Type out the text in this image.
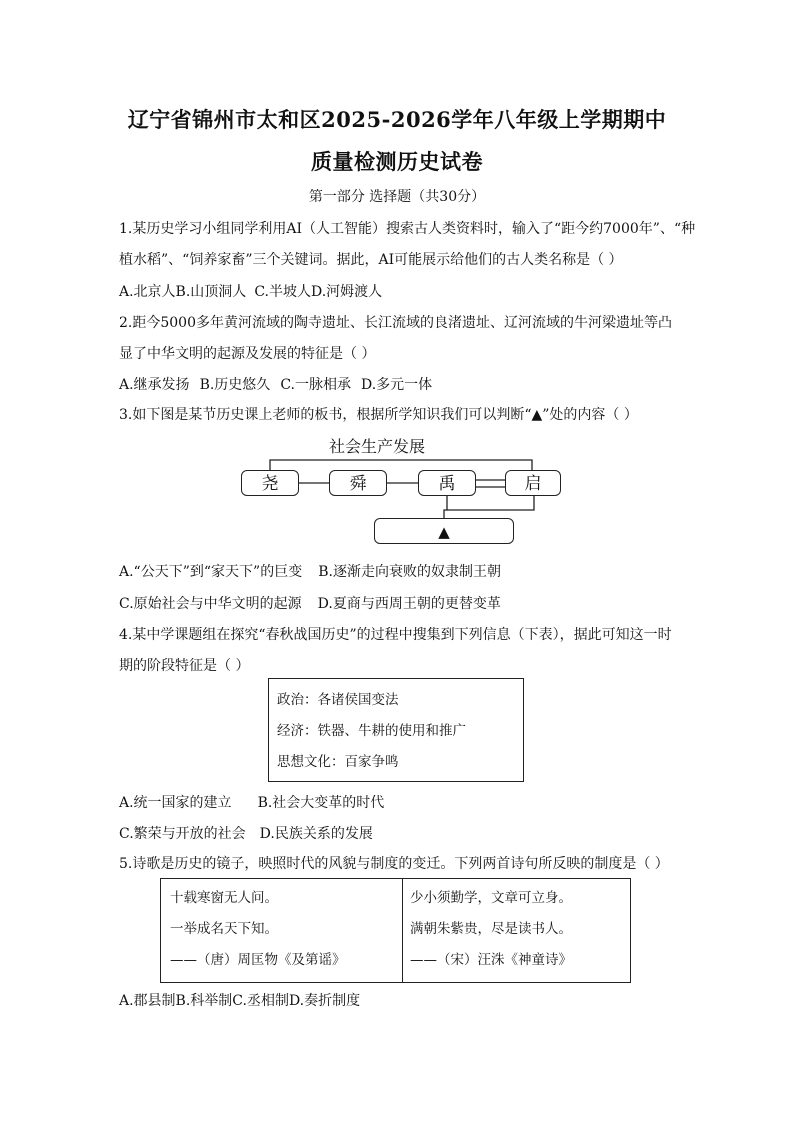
辽宁省锦州市太和区2025-2026学年八年级上学期期中
质量检测历史试卷
第一部分 选择题（共30分）
1.某历史学习小组同学利用AI（人工智能）搜索古人类资料时，输入了“距今约7000年”、“种
植水稻”、“饲养家畜”三个关键词。据此，AI可能展示给他们的古人类名称是（ ）
A.北京人B.山顶洞人 C.半坡人D.河姆渡人
2.距今5000多年黄河流域的陶寺遗址、长江流域的良渚遗址、辽河流域的牛河梁遗址等凸
显了中华文明的起源及发展的特征是（ ）
A.继承发扬 B.历史悠久 C.一脉相承 D.多元一体
3.如下图是某节历史课上老师的板书，根据所学知识我们可以判断“▲”处的内容（ ）
社会生产发展
尧	舜	禹	启
▲
A.“公天下”到“家天下”的巨变 B.逐渐走向衰败的奴隶制王朝
C.原始社会与中华文明的起源 D.夏商与西周王朝的更替变革
4.某中学课题组在探究“春秋战国历史”的过程中搜集到下列信息（下表），据此可知这一时
期的阶段特征是（ ）
政治：各诸侯国变法
经济：铁器、牛耕的使用和推广
思想文化：百家争鸣
A.统一国家的建立 B.社会大变革的时代
C.繁荣与开放的社会 D.民族关系的发展
5.诗歌是历史的镜子，映照时代的风貌与制度的变迁。下列两首诗句所反映的制度是（ ）
十载寒窗无人问。
一举成名天下知。
——（唐）周匡物《及第谣》
少小须勤学，文章可立身。
满朝朱紫贵，尽是读书人。
——（宋）汪洙《神童诗》
A.郡县制B.科举制C.丞相制D.奏折制度
